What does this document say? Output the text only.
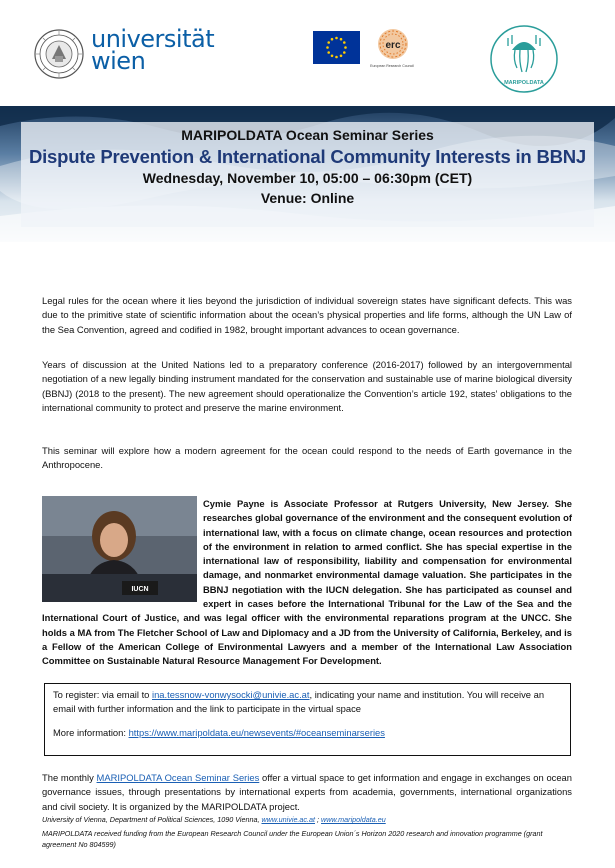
universität
wien
erc
European Research Council
MARIPOLDATA
MARIPOLDATA Ocean Seminar Series
Dispute Prevention & International Community Interests in BBNJ
Wednesday, November 10, 05:00 – 06:30pm (CET)
Venue: Online

Legal rules for the ocean where it lies beyond the jurisdiction of individual sovereign states have significant defects. This was due to the primitive state of scientific information about the ocean’s physical properties and life forms, although the UN Law of the Sea Convention, agreed and codified in 1982, brought important advances to ocean governance.

Years of discussion at the United Nations led to a preparatory conference (2016-2017) followed by an intergovernmental negotiation of a new legally binding instrument mandated for the conservation and sustainable use of marine biological diversity (BBNJ) (2018 to the present). The new agreement should operationalize the Convention’s article 192, states’ obligations to the international community to protect and preserve the marine environment.

This seminar will explore how a modern agreement for the ocean could respond to the needs of Earth governance in the Anthropocene.

IUCN
Cymie Payne is Associate Professor at Rutgers University, New Jersey. She researches global governance of the environment and the consequent evolution of international law, with a focus on climate change, ocean resources and protection of the environment in relation to armed conflict. She has special expertise in the international law of responsibility, liability and compensation for environmental damage, and nonmarket environmental damage valuation. She participates in the BBNJ negotiation with the IUCN delegation. She has participated as counsel and expert in cases before the International Tribunal for the Law of the Sea and the International Court of Justice, and was legal officer with the environmental reparations program at the UNCC. She holds a MA from The Fletcher School of Law and Diplomacy and a JD from the University of California, Berkeley, and is a Fellow of the American College of Environmental Lawyers and a member of the International Law Association Committee on Sustainable Natural Resource Management For Development.
To register: via email to ina.tessnow-vonwysocki@univie.ac.at, indicating your name and institution. You will receive an email with further information and the link to participate in the virtual space
More information: https://www.maripoldata.eu/newsevents/#oceanseminarseries

The monthly MARIPOLDATA Ocean Seminar Series offer a virtual space to get information and engage in exchanges on ocean governance issues, through presentations by international experts from academia, governments, international organizations and civil society. It is organized by the MARIPOLDATA project.

University of Vienna, Department of Political Sciences, 1090 Vienna, www.univie.ac.at ; www.maripoldata.eu

MARIPOLDATA received funding from the European Research Council under the European Union´s Horizon 2020 research and innovation programme (grant agreement No 804599)
